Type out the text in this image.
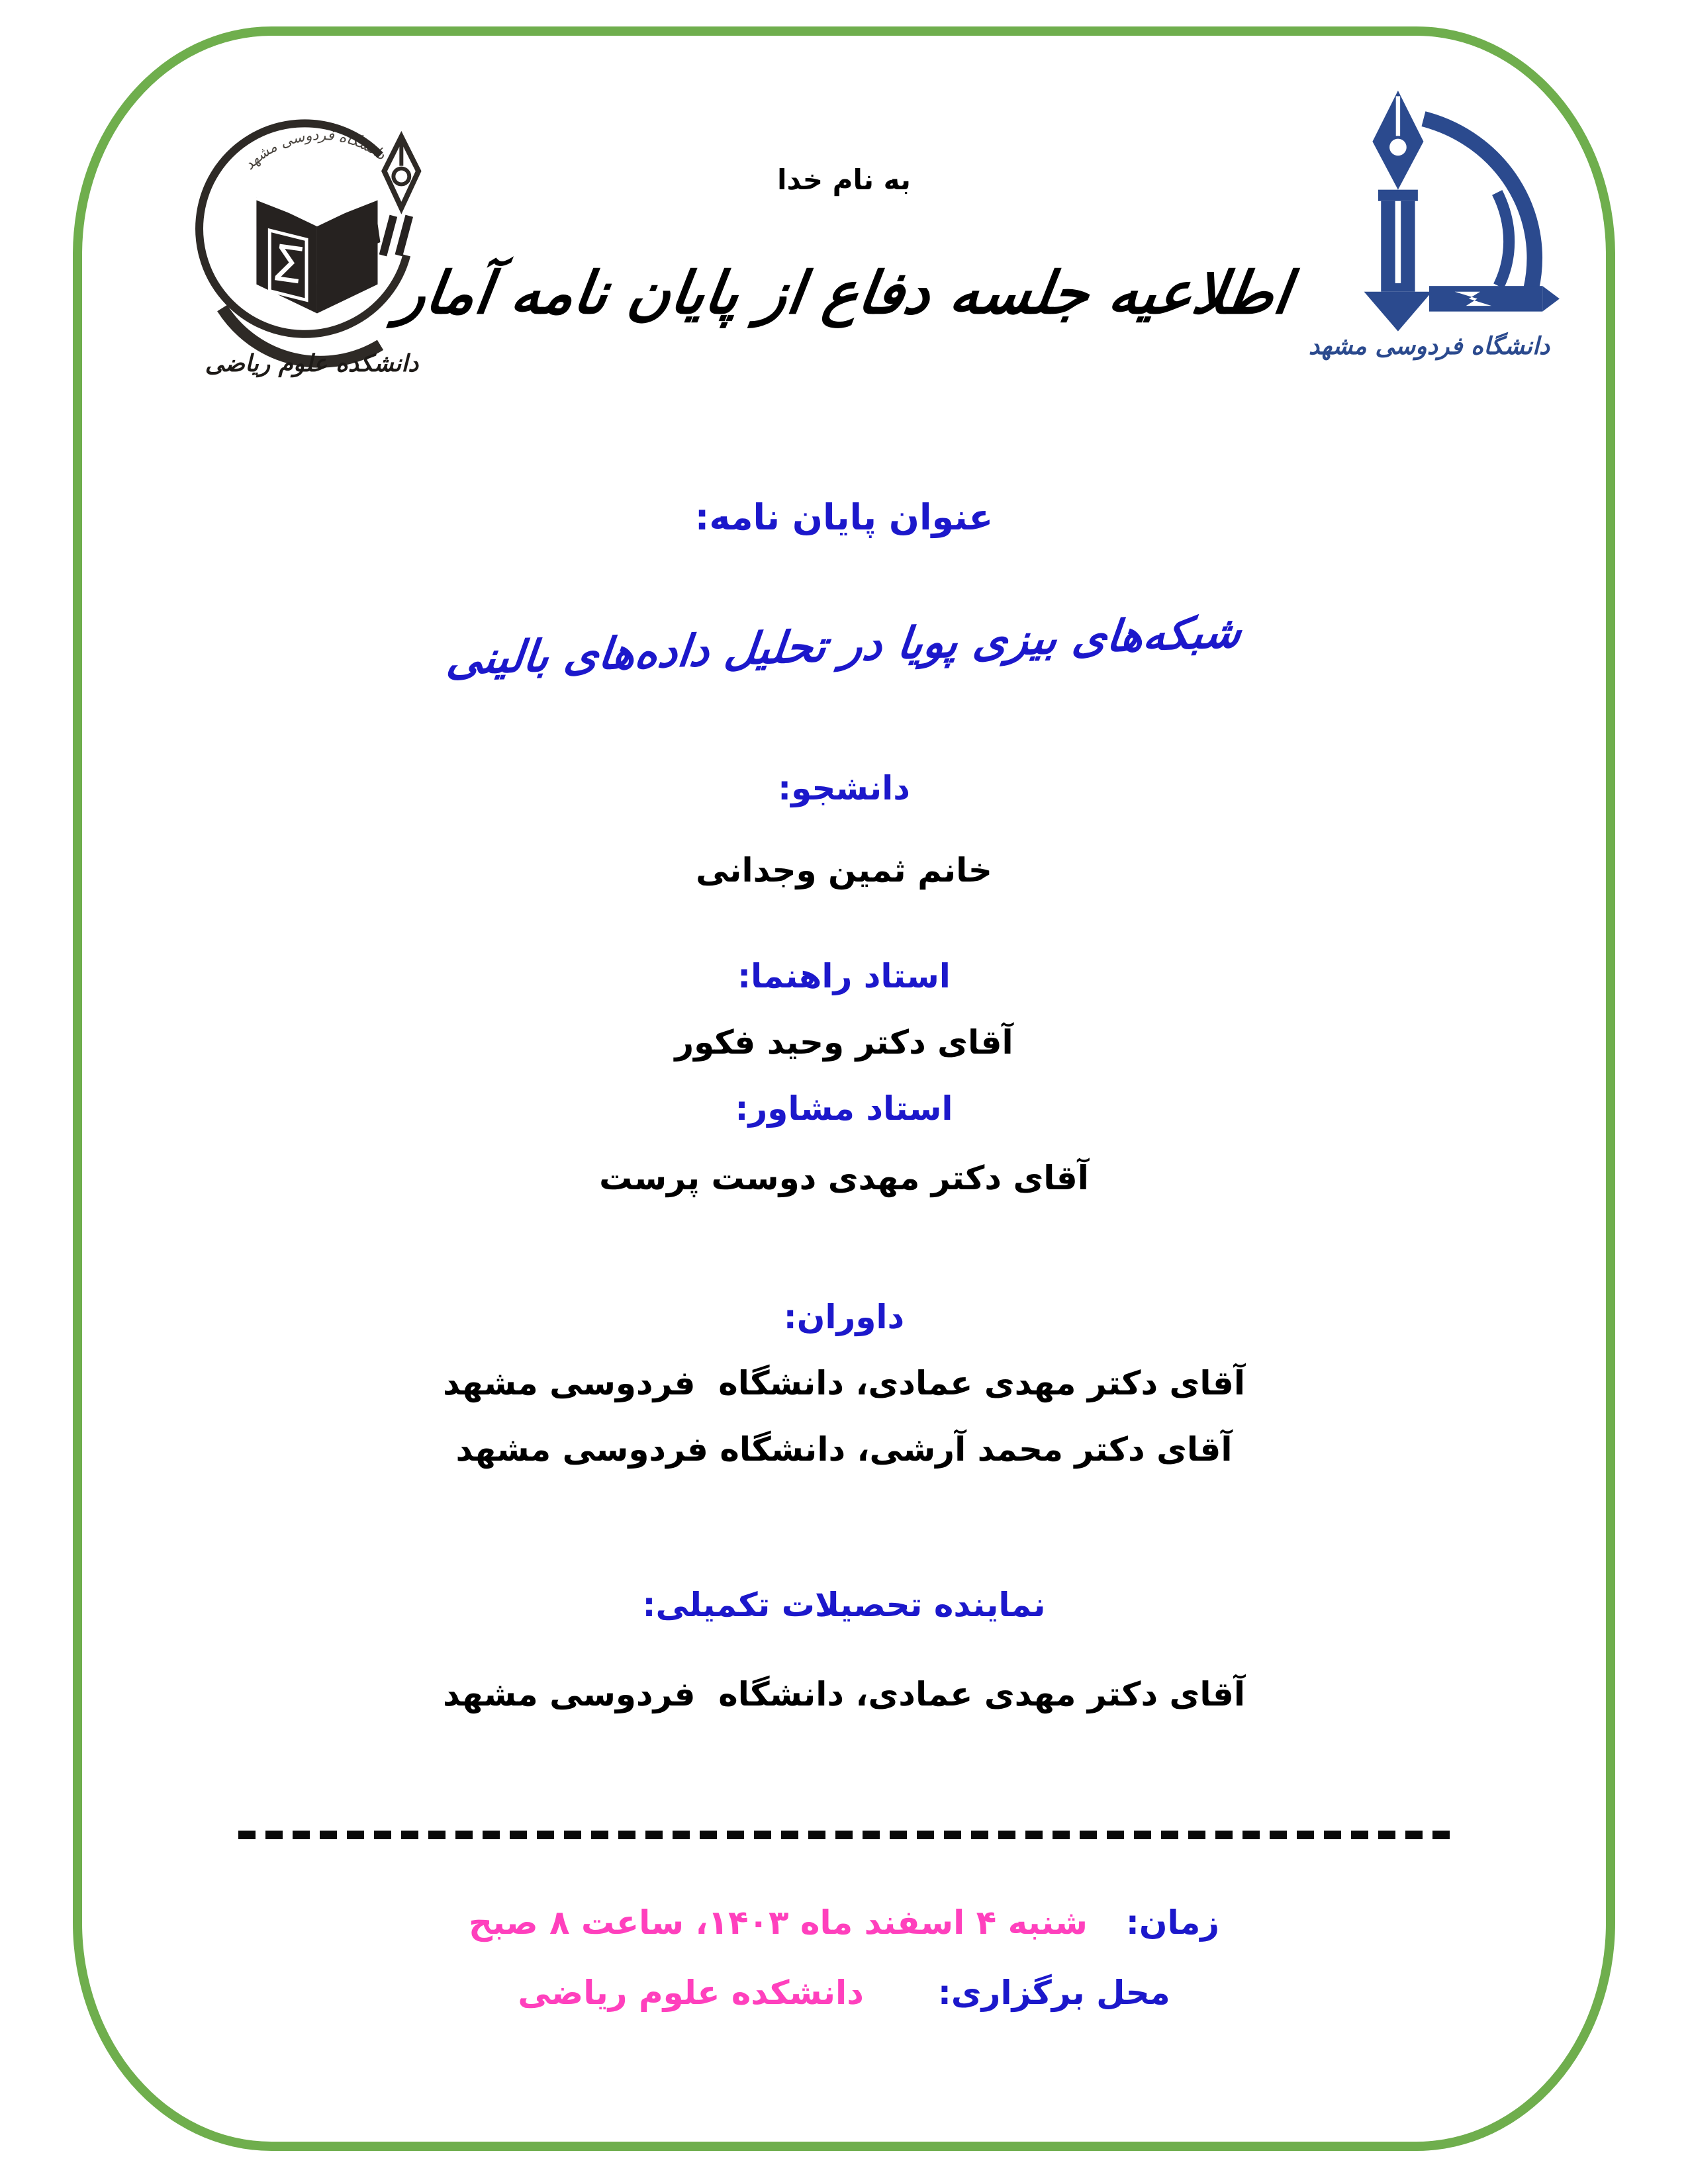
دانشگاه فردوسی مشهد
Σ
دانشکده علوم ریاضی
دانشگاه فردوسی مشهد
به نام خدا
اطلاعیه جلسه دفاع از پایان نامه آمار
عنوان پایان نامه:
شبکه‌های بیزی پویا در تحلیل داده‌های بالینی
دانشجو:
خانم ثمین وجدانی
استاد راهنما:
آقای دکتر وحید فکور
استاد مشاور:
آقای دکتر مهدی دوست پرست
داوران:
آقای دکتر مهدی عمادی، دانشگاه  فردوسی مشهد
آقای دکتر محمد آرشی، دانشگاه فردوسی مشهد
نماینده تحصیلات تکمیلی:
آقای دکتر مهدی عمادی، دانشگاه  فردوسی مشهد
زمان:
شنبه ۴ اسفند ماه ۱۴۰۳، ساعت ۸ صبح
محل برگزاری:
دانشکده علوم ریاضی
